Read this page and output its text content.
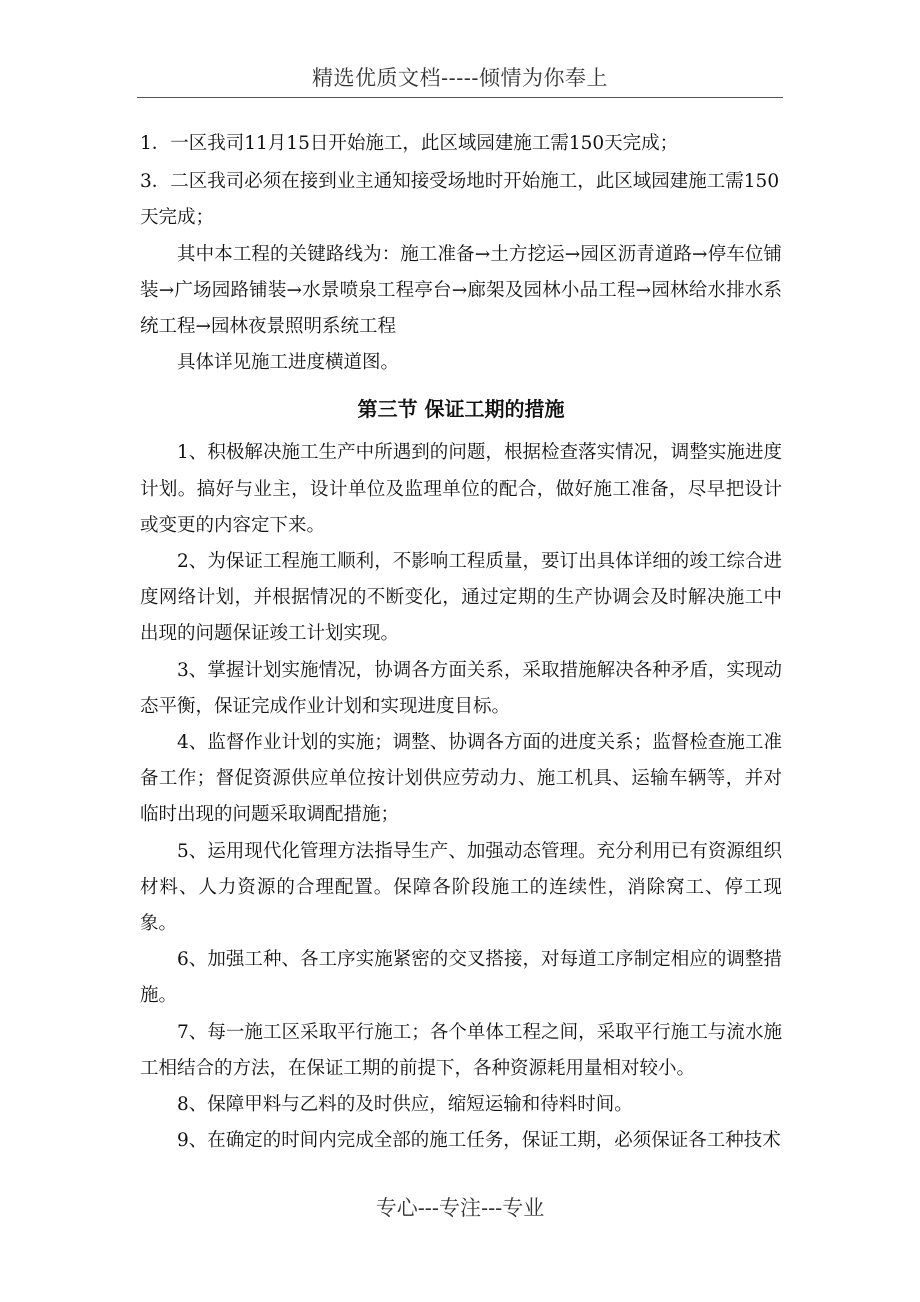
精选优质文档-----倾情为你奉上

1．一区我司11月15日开始施工，此区域园建施工需150天完成；

3．二区我司必须在接到业主通知接受场地时开始施工，此区域园建施工需150天完成；

其中本工程的关键路线为：施工准备→土方挖运→园区沥青道路→停车位铺装→广场园路铺装→水景喷泉工程亭台→廊架及园林小品工程→园林给水排水系统工程→园林夜景照明系统工程

具体详见施工进度横道图。

第三节 保证工期的措施

1、积极解决施工生产中所遇到的问题，根据检查落实情况，调整实施进度计划。搞好与业主，设计单位及监理单位的配合，做好施工准备，尽早把设计或变更的内容定下来。

2、为保证工程施工顺利，不影响工程质量，要订出具体详细的竣工综合进度网络计划，并根据情况的不断变化，通过定期的生产协调会及时解决施工中出现的问题保证竣工计划实现。

3、掌握计划实施情况，协调各方面关系，采取措施解决各种矛盾，实现动态平衡，保证完成作业计划和实现进度目标。

4、监督作业计划的实施；调整、协调各方面的进度关系；监督检查施工准备工作；督促资源供应单位按计划供应劳动力、施工机具、运输车辆等，并对临时出现的问题采取调配措施；

5、运用现代化管理方法指导生产、加强动态管理。充分利用已有资源组织材料、人力资源的合理配置。保障各阶段施工的连续性，消除窝工、停工现象。

6、加强工种、各工序实施紧密的交叉搭接，对每道工序制定相应的调整措施。

7、每一施工区采取平行施工；各个单体工程之间，采取平行施工与流水施工相结合的方法，在保证工期的前提下，各种资源耗用量相对较小。

8、保障甲料与乙料的及时供应，缩短运输和待料时间。

9、在确定的时间内完成全部的施工任务，保证工期，必须保证各工种技术

专心---专注---专业
